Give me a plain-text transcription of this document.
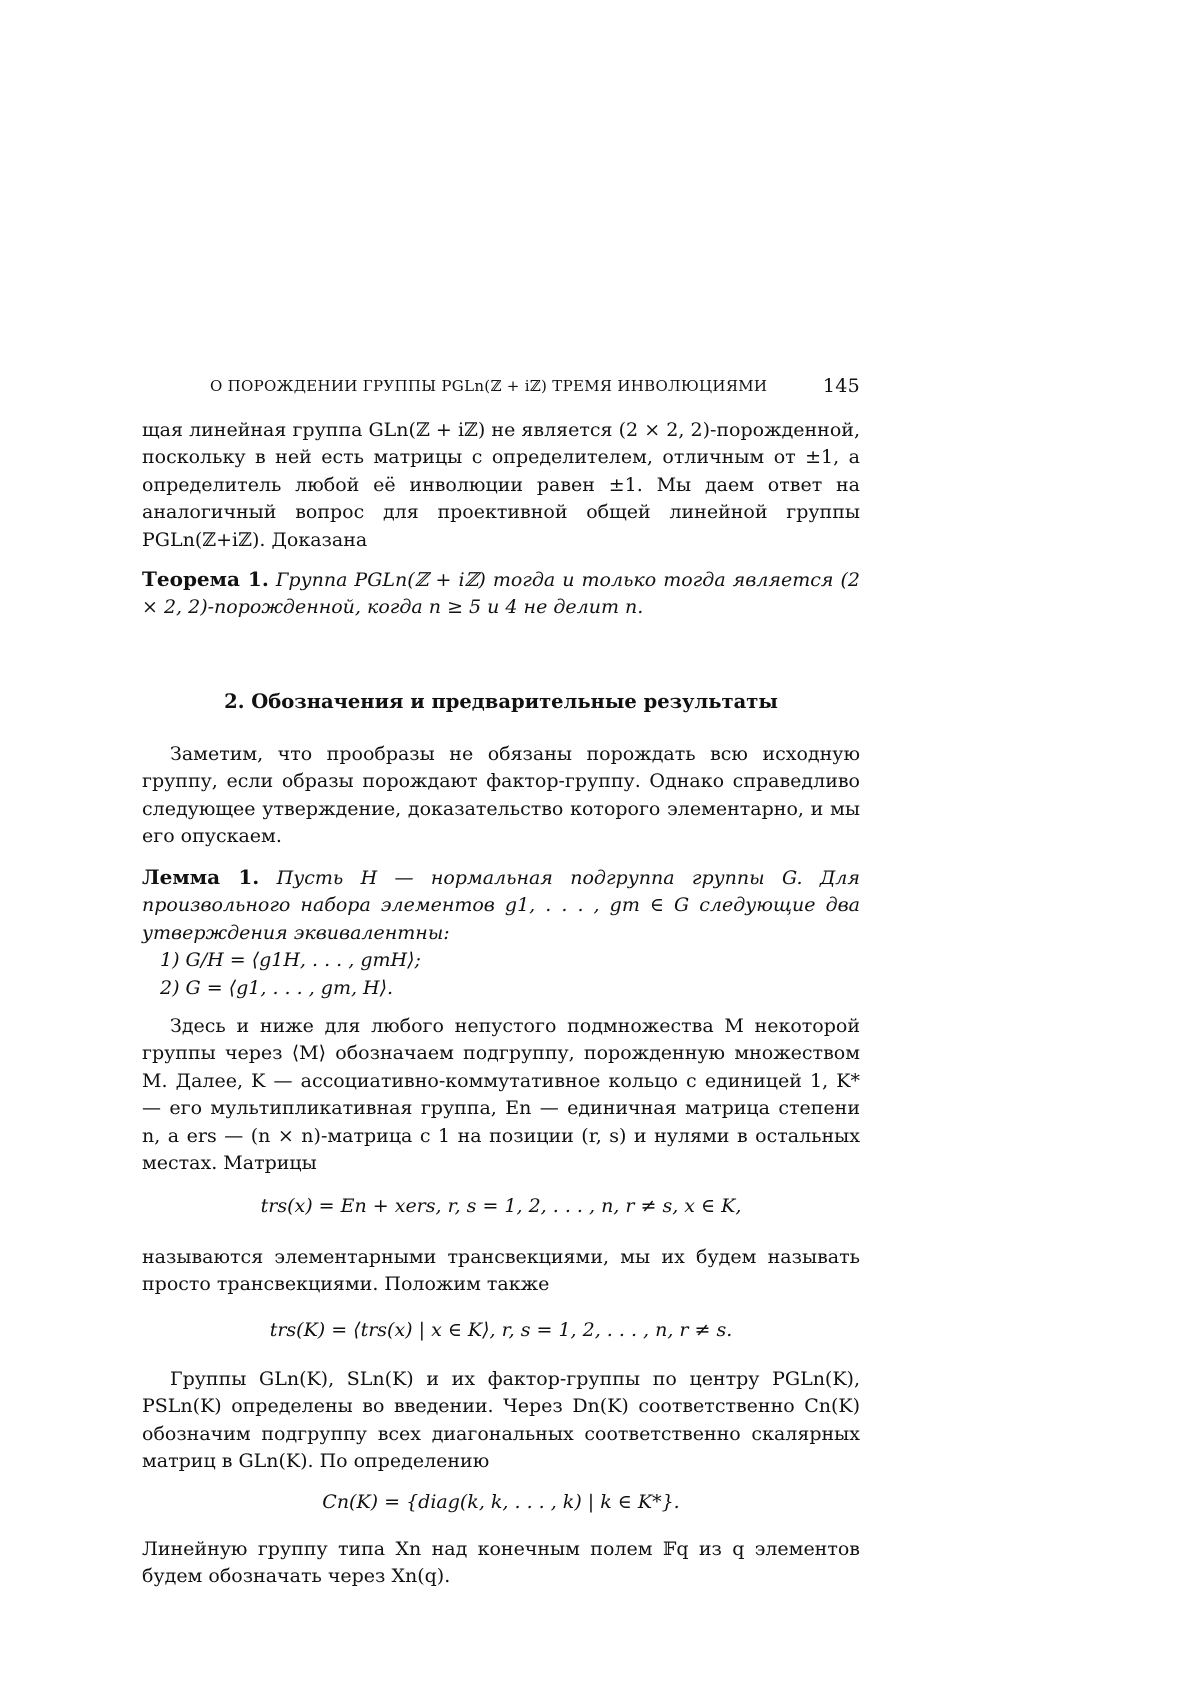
О ПОРОЖДЕНИИ ГРУППЫ PGLn(ℤ + iℤ) ТРЕМЯ ИНВОЛЮЦИЯМИ	145

щая линейная группа GLn(ℤ + iℤ) не является (2 × 2, 2)-порожденной, поскольку в ней есть матрицы с определителем, отличным от ±1, а определитель любой её инволюции равен ±1. Мы даем ответ на аналогичный вопрос для проективной общей линейной группы PGLn(ℤ+iℤ). Доказана

Теорема 1. Группа PGLn(ℤ + iℤ) тогда и только тогда является (2 × 2, 2)-порожденной, когда n ≥ 5 и 4 не делит n.

2. Обозначения и предварительные результаты

Заметим, что прообразы не обязаны порождать всю исходную группу, если образы порождают фактор-группу. Однако справедливо следующее утверждение, доказательство которого элементарно, и мы его опускаем.

Лемма 1. Пусть H — нормальная подгруппа группы G. Для произвольного набора элементов g1, . . . , gm ∈ G следующие два утверждения эквивалентны:

1) G/H = ⟨g1H, . . . , gmH⟩;
2) G = ⟨g1, . . . , gm, H⟩.

Здесь и ниже для любого непустого подмножества M некоторой группы через ⟨M⟩ обозначаем подгруппу, порожденную множеством M. Далее, K — ассоциативно-коммутативное кольцо с единицей 1, K* — его мультипликативная группа, En — единичная матрица степени n, а ers — (n × n)-матрица с 1 на позиции (r, s) и нулями в остальных местах. Матрицы

trs(x) = En + xers, r, s = 1, 2, . . . , n, r ≠ s, x ∈ K,

называются элементарными трансвекциями, мы их будем называть просто трансвекциями. Положим также

trs(K) = ⟨trs(x) | x ∈ K⟩, r, s = 1, 2, . . . , n, r ≠ s.

Группы GLn(K), SLn(K) и их фактор-группы по центру PGLn(K), PSLn(K) определены во введении. Через Dn(K) соответственно Cn(K) обозначим подгруппу всех диагональных соответственно скалярных матриц в GLn(K). По определению

Cn(K) = {diag(k, k, . . . , k) | k ∈ K*}.

Линейную группу типа Xn над конечным полем 𝔽q из q элементов будем обозначать через Xn(q).
